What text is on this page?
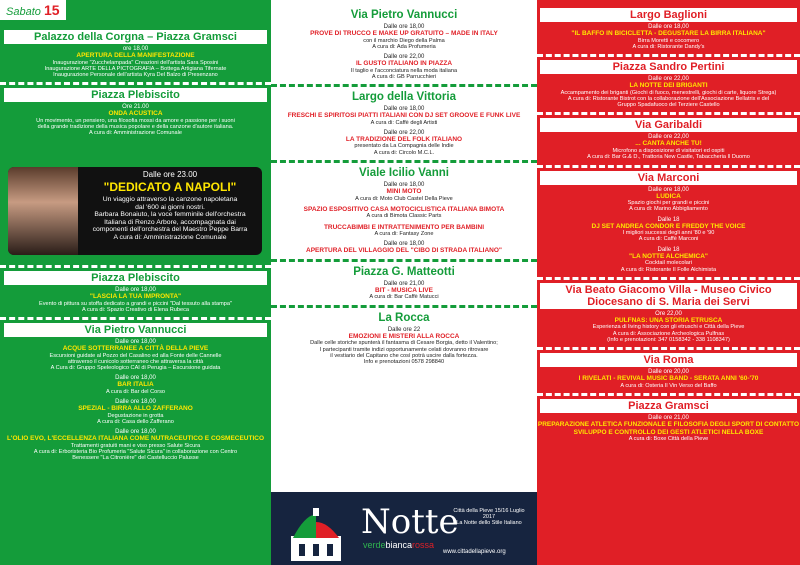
Palazzo della Corgna – Piazza Gramsci
ore 18,00
APERTURA DELLA MANIFESTAZIONE
Inaugurazione "Zucchelampada" Creazioni dell'artista Sara Sposini
Inaugurazione ARTE DELLA PICTOGRAFIA – Bottega Artigiana Tifernate
Inaugurazione Personale dell'artista Kyra Del Balzo di Presenzano
Piazza Plebiscito
Ore 21.00
ONDA ACUSTICA
Un movimento, un pensiero, una filosofia mossi da amore e passione per i suoni
della grande tradizione della musica popolare e della canzone d'autore italiana.
A cura di: Amministrazione Comunale
Dalle ore 23.00
"DEDICATO A NAPOLI"
Un viaggio attraverso la canzone napoletana
dal '600 ai giorni nostri.
Barbara Bonaiuto, la voce femminile dell'orchestra
Italiana di Renzo Arbore, accompagnata dai
componenti dell'orchestra del Maestro Peppe Barra
A cura di: Amministrazione Comunale
Piazza Plebiscito
Dalle ore 18,00
"LASCIA LA TUA IMPRONTA"
Evento di pittura su stoffa dedicato a grandi e piccini "Dal tessuto alla stampa"
A cura di: Spazio Creativo di Elena Rubeca
Via Pietro Vannucci
Dalle ore 18,00
ACQUE SOTTERRANEE A CITTÀ DELLA PIEVE
Escursioni guidate al Pozzo del Casalino ed alla Fonte delle Cannelle
attraverso il cunicolo sotterraneo che attraversa la città
A Cura di: Gruppo Speleologico CAI di Perugia – Escursione guidata
Dalle ore 18,00
BAR ITALIA
A cura di: Bar del Corso
Dalle ore 18,00
SPEZIAL - BIRRA ALLO ZAFFERANO
Degustazione in grotta
A cura di: Casa dello Zafferano
Dalle ore 18,00
L'OLIO EVO, L'ECCELLENZA ITALIANA COME NUTRACEUTICO E COSMECEUTICO
Trattamenti gratuiti mani e viso presso Salute Sicura
A cura di: Erboristeria Bio Profumeria "Salute Sicura" in collaborazione con Centro
Benessere "La Citronière" del Castelluccio Palusse
Sabato 15	Via Pietro Vannucci
Dalle ore 18,00
PROVE DI TRUCCO E MAKE UP GRATUITO – MADE IN ITALY
con il marchio Diego della Palma
A cura di: Ada Profumeria
Dalle ore 22,00
IL GUSTO ITALIANO IN PIAZZA
Il taglio e l'acconciatura nella moda italiana
A cura di: GB Parrucchieri
Largo della Vittoria
Dalle ore 18,00
FRESCHI E SPIRITOSI PIATTI ITALIANI CON DJ SET GROOVE E FUNK LIVE
A cura di: Caffè degli Artisti
Dalle ore 22,00
LA TRADIZIONE DEL FOLK ITALIANO
presentato da La Compagnia delle Indie
A cura di: Circolo M.C.L.
Viale Icilio Vanni
Dalle ore 18,00
MINI MOTO
A cura di: Moto Club Castel Della Pieve
SPAZIO ESPOSITIVO CASA MOTOCICLISTICA ITALIANA BIMOTA
A cura di Bimota Classic Parts
TRUCCABIMBI E INTRATTENIMENTO PER BAMBINI
A cura di: Fantasy Zone
Dalle ore 18,00
APERTURA DEL VILLAGGIO DEL "CIBO DI STRADA ITALIANO"
Piazza G. Matteotti
Dalle ore 21,00
BIT - MUSICA LIVE
A cura di: Bar Caffè Matucci
La Rocca
Dalle ore 22
EMOZIONI E MISTERI ALLA ROCCA
Dalle celle storiche spunterà il fantasma di Cesare Borgia, detto il Valentino;
I partecipanti tramite indizi opportunamente celati dovranno ritrovare
il vestiario del Capitano che così potrà uscire dalla fortezza.
Info e prenotazioni 0578 298840
Notte
verdebiancarossa
Città della Pieve 15/16 Luglio 2017
La Notte dello Stile Italiano
www.cittadellapieve.org
Largo Baglioni
Dalle ore 18,00
"IL BAFFO IN BICICLETTA - DEGUSTARE LA BIRRA ITALIANA"
Birra Moretti e cocomero
A cura di: Ristorante Dandy's
Piazza Sandro Pertini
Dalle ore 22,00
LA NOTTE DEI BRIGANTI
Accampamento dei briganti (Giochi di fuoco, menestrelli, giochi di carte, liquore Strega)
A cura di: Ristorante Bistrot con la collaborazione dell'Associazione Bellatrix e del
Gruppo Spadafuoco del Terziere Castello
Via Garibaldi
Dalle ore 22,00
... CANTA ANCHE TU!
Microfono a disposizione di visitatori ed ospiti
A cura di: Bar G.& D., Trattoria New Castle, Tabaccheria Il Duomo
Via Marconi
Dalle ore 18,00
LUDICA
Spazio giochi per grandi e piccini
A cura di: Marino Abbigliamento
Dalle 18
DJ SET ANDREA CONDOR E FREDDY THE VOICE
I migliori successi degli anni '80 e '90
A cura di: Caffè Marconi
Dalle 18
"LA NOTTE ALCHEMICA"
Cocktail molecolari
A cura di: Ristorante Il Folle Alchimista
Via Beato Giacomo Villa - Museo Civico Diocesano di S. Maria dei Servi
Ore 22,00
PULFNAS: UNA STORIA ETRUSCA
Esperienza di living history con gli etruschi e Città della Pieve
A cura di: Associazione Archeologica Pulfnas
(Info e prenotazioni: 347 0158342 - 338 1108347)
Via Roma
Dalle ore 20,00
I RIVELATI - REVIVAL MUSIC BAND - SERATA ANNI '60-'70
A cura di: Osteria Il Vin Verso del Baffo
Piazza Gramsci
Dalle ore 21,00
PREPARAZIONE ATLETICA FUNZIONALE E FILOSOFIA DEGLI SPORT DI CONTATTO SVILUPPO E CONTROLLO DEI GESTI ATLETICI NELLA BOXE
A cura di: Boxe Città della Pieve
